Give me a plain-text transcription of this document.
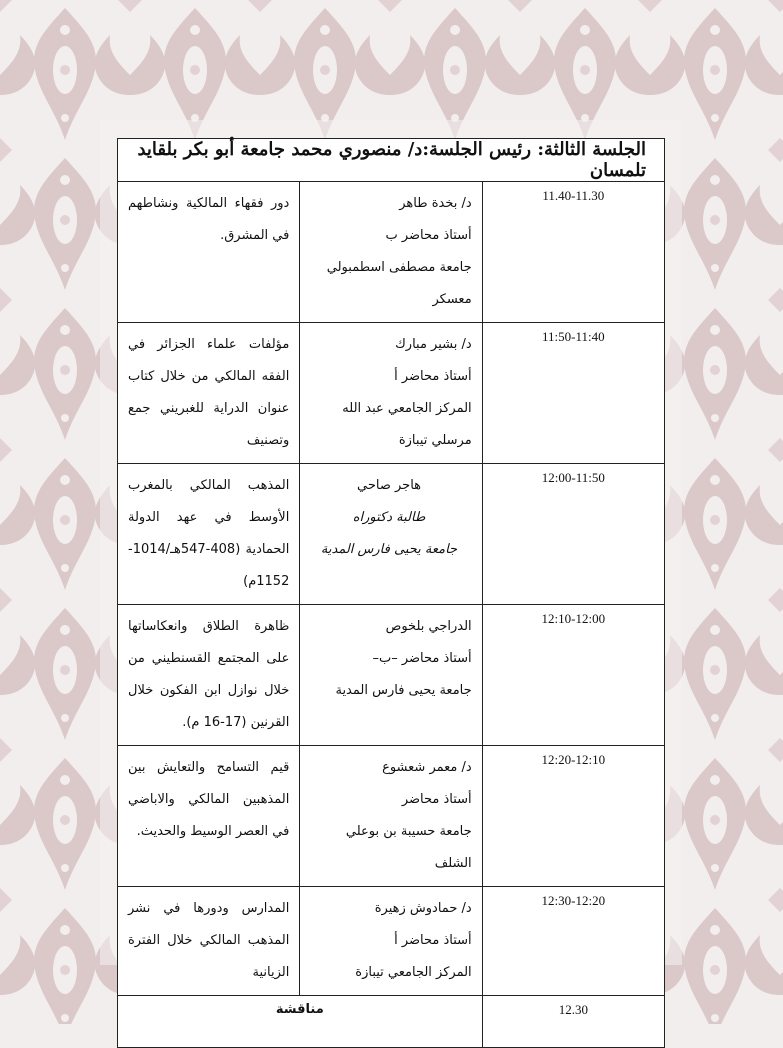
الجلسة الثالثة: رئيس الجلسة:د/ منصوري محمد جامعة أبو بكر بلقايد تلمسان		
11.40-11.30	د/ بخدة طاهر
أستاذ محاضر ب
جامعة مصطفى اسطمبولي
معسكر	دور فقهاء المالكية ونشاطهم في المشرق.
11:50-11:40	د/ بشير مبارك
أستاذ محاضر أ
المركز الجامعي عبد الله
مرسلي تيبازة	مؤلفات علماء الجزائر في الفقه المالكي من خلال كتاب عنوان الدراية للغبريني جمع وتصنيف
12:00-11:50	هاجر صاحي
طالبة دكتوراه
جامعة يحيى فارس المدية	المذهب المالكي بالمغرب الأوسط في عهد الدولة الحمادية (408-547هـ/1014-1152م)
12:10-12:00	الدراجي بلخوص
أستاذ محاضر –ب–
جامعة يحيى فارس المدية	ظاهرة الطلاق وانعكاساتها على المجتمع القسنطيني من خلال نوازل ابن الفكون خلال القرنين (17-16 م).
12:20-12:10	د/ معمر شعشوع
أستاذ محاضر
جامعة حسيبة بن بوعلي
الشلف	قيم التسامح والتعايش بين المذهبين المالكي والاباضي في العصر الوسيط والحديث.
12:30-12:20	د/ حمادوش زهيرة
أستاذ محاضر أ
المركز الجامعي تيبازة	المدارس ودورها في نشر المذهب المالكي خلال الفترة الزيانية
12.30	مناقشة	
